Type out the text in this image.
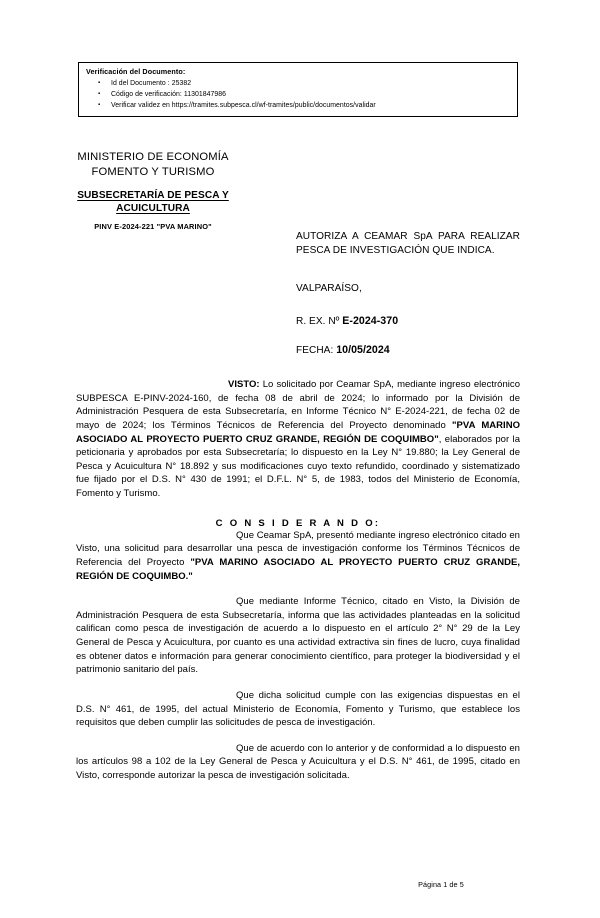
Verificación del Documento:
▪ Id del Documento : 25382
▪ Código de verificación: 11301847986
▪ Verificar validez en https://tramites.subpesca.cl/wf-tramites/public/documentos/validar
MINISTERIO DE ECONOMÍA
FOMENTO Y TURISMO
SUBSECRETARÍA DE PESCA Y
ACUICULTURA
PINV E-2024-221 "PVA MARINO"
AUTORIZA A CEAMAR SpA PARA REALIZAR PESCA DE INVESTIGACIÓN QUE INDICA.
VALPARAÍSO,
R. EX. Nº E-2024-370
FECHA: 10/05/2024

VISTO: Lo solicitado por Ceamar SpA, mediante ingreso electrónico SUBPESCA E-PINV-2024-160, de fecha 08 de abril de 2024; lo informado por la División de Administración Pesquera de esta Subsecretaría, en Informe Técnico N° E-2024-221, de fecha 02 de mayo de 2024; los Términos Técnicos de Referencia del Proyecto denominado "PVA MARINO ASOCIADO AL PROYECTO PUERTO CRUZ GRANDE, REGIÓN DE COQUIMBO", elaborados por la peticionaria y aprobados por esta Subsecretaría; lo dispuesto en la Ley N° 19.880; la Ley General de Pesca y Acuicultura N° 18.892 y sus modificaciones cuyo texto refundido, coordinado y sistematizado fue fijado por el D.S. N° 430 de 1991; el D.F.L. N° 5, de 1983, todos del Ministerio de Economía, Fomento y Turismo.

C O N S I D E R A N D O:

Que Ceamar SpA, presentó mediante ingreso electrónico citado en Visto, una solicitud para desarrollar una pesca de investigación conforme los Términos Técnicos de Referencia del Proyecto "PVA MARINO ASOCIADO AL PROYECTO PUERTO CRUZ GRANDE, REGIÓN DE COQUIMBO."

Que mediante Informe Técnico, citado en Visto, la División de Administración Pesquera de esta Subsecretaría, informa que las actividades planteadas en la solicitud califican como pesca de investigación de acuerdo a lo dispuesto en el artículo 2° N° 29 de la Ley General de Pesca y Acuicultura, por cuanto es una actividad extractiva sin fines de lucro, cuya finalidad es obtener datos e información para generar conocimiento científico, para proteger la biodiversidad y el patrimonio sanitario del país.

Que dicha solicitud cumple con las exigencias dispuestas en el D.S. N° 461, de 1995, del actual Ministerio de Economía, Fomento y Turismo, que establece los requisitos que deben cumplir las solicitudes de pesca de investigación.

Que de acuerdo con lo anterior y de conformidad a lo dispuesto en los artículos 98 a 102 de la Ley General de Pesca y Acuicultura y el D.S. N° 461, de 1995, citado en Visto, corresponde autorizar la pesca de investigación solicitada.

Página 1 de 5
